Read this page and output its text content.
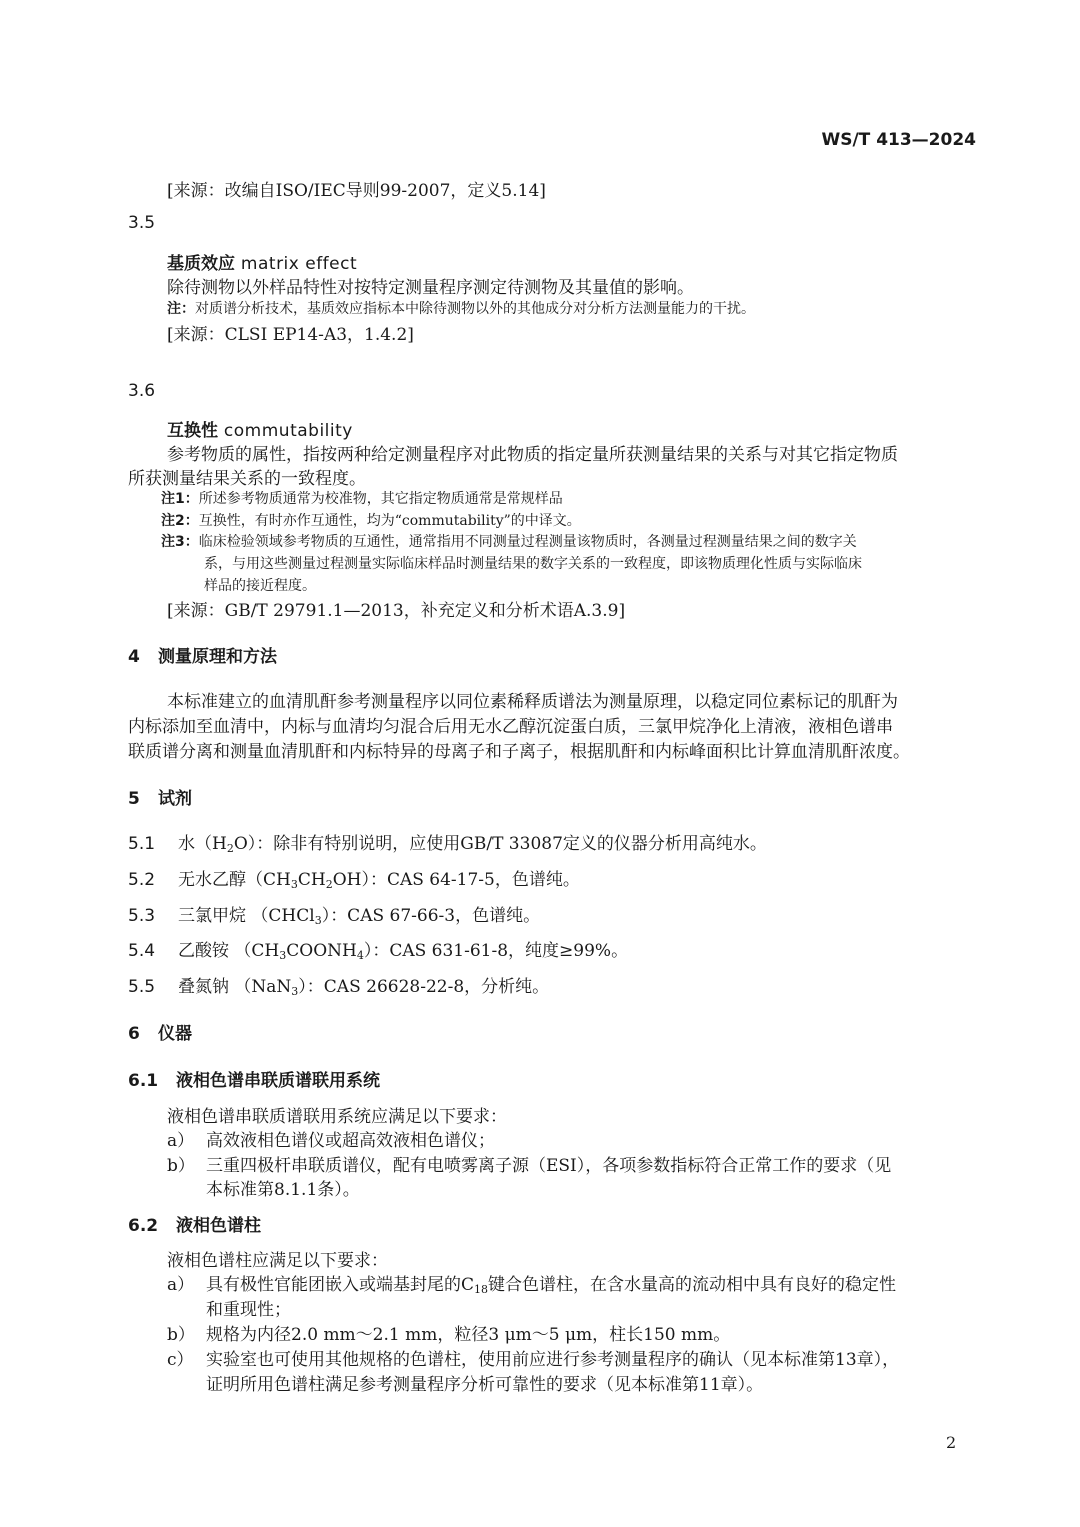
WS/T 413—2024
[来源：改编自ISO/IEC导则99-2007，定义5.14]
3.5
基质效应 matrix effect
除待测物以外样品特性对按特定测量程序测定待测物及其量值的影响。
注：对质谱分析技术，基质效应指标本中除待测物以外的其他成分对分析方法测量能力的干扰。
[来源：CLSI EP14-A3，1.4.2]
3.6
互换性 commutability
参考物质的属性，指按两种给定测量程序对此物质的指定量所获测量结果的关系与对其它指定物质
所获测量结果关系的一致程度。
注1：所述参考物质通常为校准物，其它指定物质通常是常规样品
注2：互换性，有时亦作互通性，均为“commutability”的中译文。
注3：临床检验领域参考物质的互通性，通常指用不同测量过程测量该物质时，各测量过程测量结果之间的数字关
系，与用这些测量过程测量实际临床样品时测量结果的数字关系的一致程度，即该物质理化性质与实际临床
样品的接近程度。
[来源：GB/T 29791.1—2013，补充定义和分析术语A.3.9]
4 测量原理和方法
本标准建立的血清肌酐参考测量程序以同位素稀释质谱法为测量原理，以稳定同位素标记的肌酐为
内标添加至血清中，内标与血清均匀混合后用无水乙醇沉淀蛋白质，三氯甲烷净化上清液，液相色谱串
联质谱分离和测量血清肌酐和内标特异的母离子和子离子，根据肌酐和内标峰面积比计算血清肌酐浓度。
5 试剂
5.1 水$(H_2O)$：除非有特别说明，应使用GB/T 33087定义的仪器分析用高纯水。
5.2 无水乙醇$(CH_3CH_2OH)$：CAS 64-17-5，色谱纯。
5.3 三氯甲烷 （CHCl$_3$）：CAS 67-66-3，色谱纯。
5.4 乙酸铵 $(CH_3COONH_4)$：CAS 631-61-8，纯度≥99%。
5.5 叠氮钠 （NaN$_3$）：CAS 26628-22-8，分析纯。
6 仪器
6.1 液相色谱串联质谱联用系统
液相色谱串联质谱联用系统应满足以下要求：
a） 高效液相色谱仪或超高效液相色谱仪；
b） 三重四极杆串联质谱仪，配有电喷雾离子源（ESI），各项参数指标符合正常工作的要求（见
本标准第8.1.1条）。
6.2 液相色谱柱
液相色谱柱应满足以下要求：
a） 具有极性官能团嵌入或端基封尾的$C_{18}$键合色谱柱，在含水量高的流动相中具有良好的稳定性
和重现性；
b） 规格为内径2.0 mm～2.1 mm，粒径3 μm～5 μm，柱长150 mm。
c） 实验室也可使用其他规格的色谱柱，使用前应进行参考测量程序的确认（见本标准第13章），
证明所用色谱柱满足参考测量程序分析可靠性的要求（见本标准第11章）。
2
